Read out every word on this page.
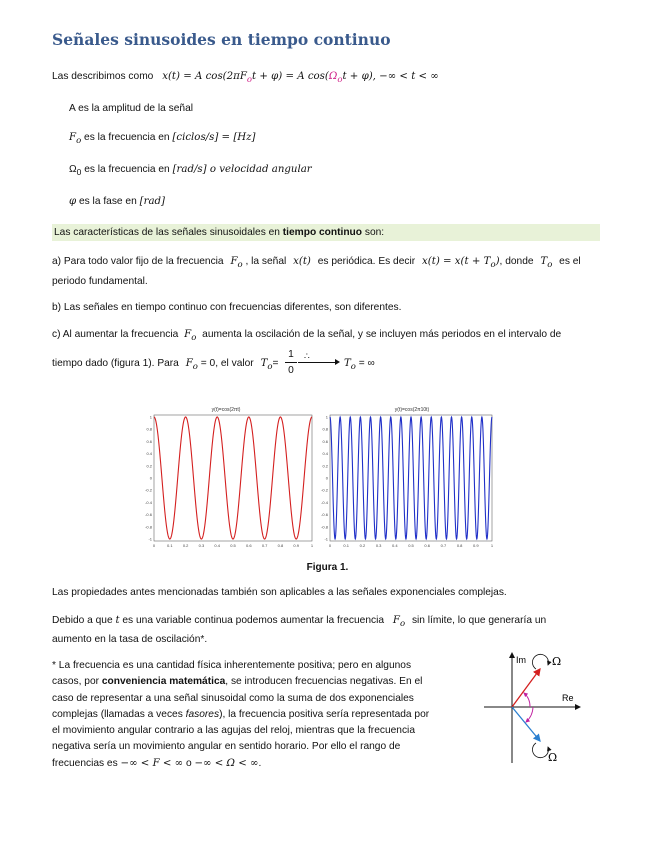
Señales sinusoides en tiempo continuo
Las describimos como x(t) = A $\cos(2\pi F_ot + \varphi) = A$ $\cos(\Omega_ot + \varphi)$, −∞ < t < ∞
A es la amplitud de la señal
$F_o$ es la frecuencia en [ciclos/s] = [Hz]
$\Omega_0$ es la frecuencia en [rad/s] o velocidad angular
φ es la fase en [rad]
Las características de las señales sinusoidales en tiempo continuo son:
a) Para todo valor fijo de la frecuencia $F_o$ , la señal x(t) es periódica. Es decir $x(t) = x(t + T_o)$, donde $T_o$ es el
periodo fundamental.
b) Las señales en tiempo continuo con frecuencias diferentes, son diferentes.
c) Al aumentar la frecuencia $F_o$ aumenta la oscilación de la señal, y se incluyen más periodos en el intervalo de
tiempo dado (figura 1). Para $F_o = 0$, el valor $T_o=$
1
0
∴
$T_o$ = ∞
y(t)=cos(2πt)
1
0.8
0.6
0.4
0.2
0
-0.2
-0.4
-0.6
-0.8
-1
0	0.1	0.2	0.3	0.4	0.5	0.6	0.7	0.8	0.9	1
y(t)=cos(2π10t)
1
0.8
0.6
0.4
0.2
0
-0.2
-0.4
-0.6
-0.8
-1
0	0.1	0.2	0.3	0.4	0.5	0.6	0.7	0.8	0.9	1
Figura 1.
Las propiedades antes mencionadas también son aplicables a las señales exponenciales complejas.
Debido a que t es una variable continua podemos aumentar la frecuencia $F_o$ sin límite, lo que generaría un
aumento en la tasa de oscilación*.
* La frecuencia es una cantidad física inherentemente positiva; pero en algunos
casos, por conveniencia matemática, se introducen frecuencias negativas. En el
caso de representar a una señal sinusoidal como la suma de dos exponenciales
complejas (llamadas a veces fasores), la frecuencia positiva sería representada por
el movimiento angular contrario a las agujas del reloj, mientras que la frecuencia
negativa sería un movimiento angular en sentido horario. Por ello el rango de
frecuencias es −∞ < F < ∞ o −∞ < Ω < ∞.
Im
Re
Ω
Ω
